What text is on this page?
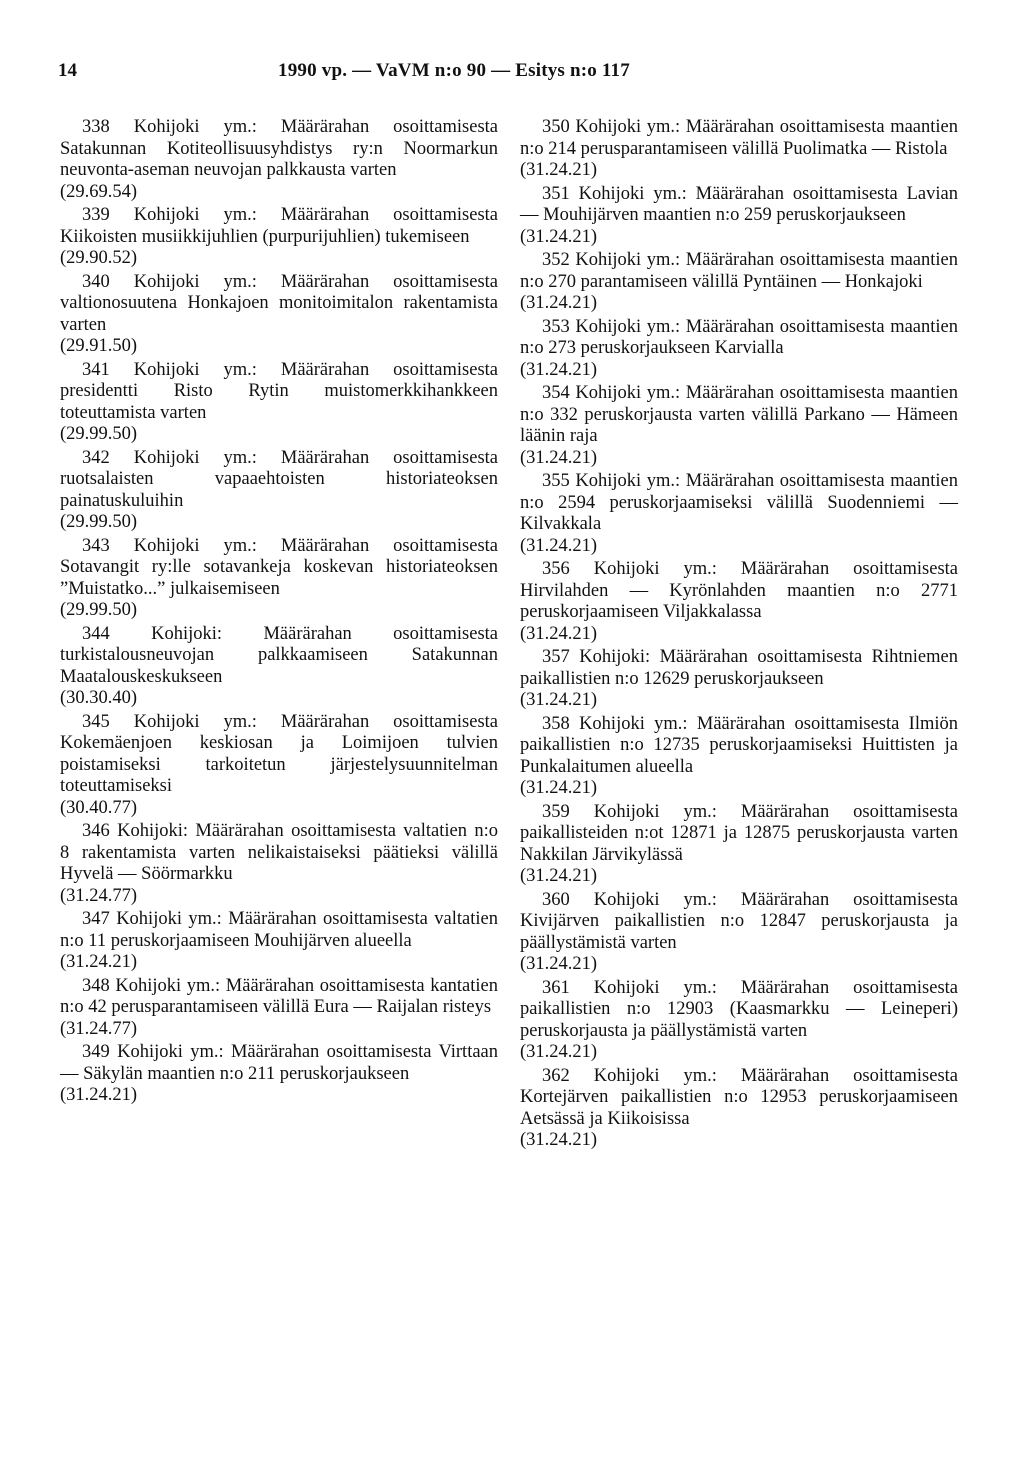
14	1990 vp. — VaVM n:o 90 — Esitys n:o 117

338 Kohijoki ym.: Määrärahan osoittamisesta Satakunnan Kotiteollisuusyhdistys ry:n Noormarkun neuvonta-aseman neuvojan palkkausta varten
(29.69.54)

339 Kohijoki ym.: Määrärahan osoittamisesta Kiikoisten musiikkijuhlien (purpurijuhlien) tukemiseen
(29.90.52)

340 Kohijoki ym.: Määrärahan osoittamisesta valtionosuutena Honkajoen monitoimitalon rakentamista varten
(29.91.50)

341 Kohijoki ym.: Määrärahan osoittamisesta presidentti Risto Rytin muistomerkkihankkeen toteuttamista varten
(29.99.50)

342 Kohijoki ym.: Määrärahan osoittamisesta ruotsalaisten vapaaehtoisten historiateoksen painatuskuluihin
(29.99.50)

343 Kohijoki ym.: Määrärahan osoittamisesta Sotavangit ry:lle sotavankeja koskevan historiateoksen ”Muistatko...” julkaisemiseen
(29.99.50)

344 Kohijoki: Määrärahan osoittamisesta turkistalousneuvojan palkkaamiseen Satakunnan Maatalouskeskukseen
(30.30.40)

345 Kohijoki ym.: Määrärahan osoittamisesta Kokemäenjoen keskiosan ja Loimijoen tulvien poistamiseksi tarkoitetun järjestelysuunnitelman toteuttamiseksi
(30.40.77)

346 Kohijoki: Määrärahan osoittamisesta valtatien n:o 8 rakentamista varten nelikaistaiseksi päätieksi välillä Hyvelä — Söörmarkku
(31.24.77)

347 Kohijoki ym.: Määrärahan osoittamisesta valtatien n:o 11 peruskorjaamiseen Mouhijärven alueella
(31.24.21)

348 Kohijoki ym.: Määrärahan osoittamisesta kantatien n:o 42 perusparantamiseen välillä Eura — Raijalan risteys
(31.24.77)

349 Kohijoki ym.: Määrärahan osoittamisesta Virttaan — Säkylän maantien n:o 211 peruskorjaukseen
(31.24.21)

350 Kohijoki ym.: Määrärahan osoittamisesta maantien n:o 214 perusparantamiseen välillä Puolimatka — Ristola
(31.24.21)

351 Kohijoki ym.: Määrärahan osoittamisesta Lavian — Mouhijärven maantien n:o 259 peruskorjaukseen
(31.24.21)

352 Kohijoki ym.: Määrärahan osoittamisesta maantien n:o 270 parantamiseen välillä Pyntäinen — Honkajoki
(31.24.21)

353 Kohijoki ym.: Määrärahan osoittamisesta maantien n:o 273 peruskorjaukseen Karvialla
(31.24.21)

354 Kohijoki ym.: Määrärahan osoittamisesta maantien n:o 332 peruskorjausta varten välillä Parkano — Hämeen läänin raja
(31.24.21)

355 Kohijoki ym.: Määrärahan osoittamisesta maantien n:o 2594 peruskorjaamiseksi välillä Suodenniemi — Kilvakkala
(31.24.21)

356 Kohijoki ym.: Määrärahan osoittamisesta Hirvilahden — Kyrönlahden maantien n:o 2771 peruskorjaamiseen Viljakkalassa
(31.24.21)

357 Kohijoki: Määrärahan osoittamisesta Rihtniemen paikallistien n:o 12629 peruskorjaukseen
(31.24.21)

358 Kohijoki ym.: Määrärahan osoittamisesta Ilmiön paikallistien n:o 12735 peruskorjaamiseksi Huittisten ja Punkalaitumen alueella
(31.24.21)

359 Kohijoki ym.: Määrärahan osoittamisesta paikallisteiden n:ot 12871 ja 12875 peruskorjausta varten Nakkilan Järvikylässä
(31.24.21)

360 Kohijoki ym.: Määrärahan osoittamisesta Kivijärven paikallistien n:o 12847 peruskorjausta ja päällystämistä varten
(31.24.21)

361 Kohijoki ym.: Määrärahan osoittamisesta paikallistien n:o 12903 (Kaasmarkku — Leineperi) peruskorjausta ja päällystämistä varten
(31.24.21)

362 Kohijoki ym.: Määrärahan osoittamisesta Kortejärven paikallistien n:o 12953 peruskorjaamiseen Aetsässä ja Kiikoisissa
(31.24.21)
